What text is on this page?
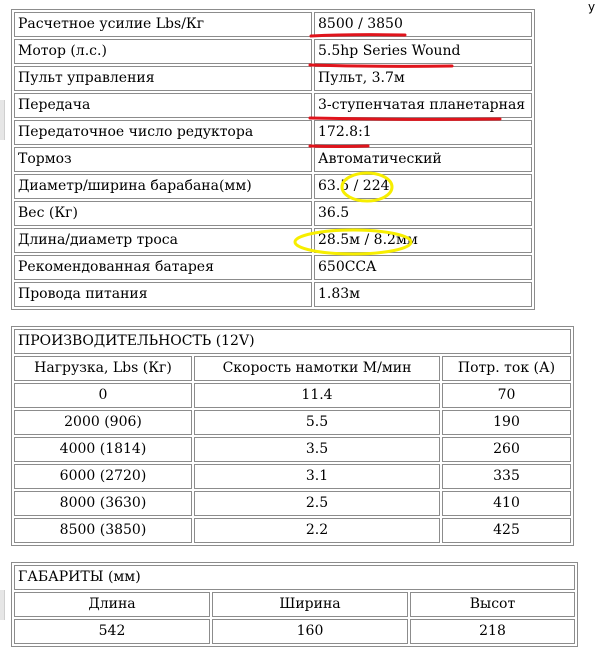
у
Расчетное усилие Lbs/Кг	8500 / 3850
Мотор (л.с.)	5.5hp Series Wound
Пульт управления	Пульт, 3.7м
Передача	3-ступенчатая планетарная
Передаточное число редуктора	172.8:1
Тормоз	Автоматический
Диаметр/ширина барабана(мм)	63.5 / 224
Вес (Кг)	36.5
Длина/диаметр троса	28.5м / 8.2мм
Рекомендованная батарея	650CCA
Провода питания	1.83м
ПРОИЗВОДИТЕЛЬНОСТЬ (12V)		
Нагрузка, Lbs (Кг)	Скорость намотки М/мин	Потр. ток (А)
0	11.4	70
2000 (906)	5.5	190
4000 (1814)	3.5	260
6000 (2720)	3.1	335
8000 (3630)	2.5	410
8500 (3850)	2.2	425
ГАБАРИТЫ (мм)		
Длина	Ширина	Высот
542	160	218
